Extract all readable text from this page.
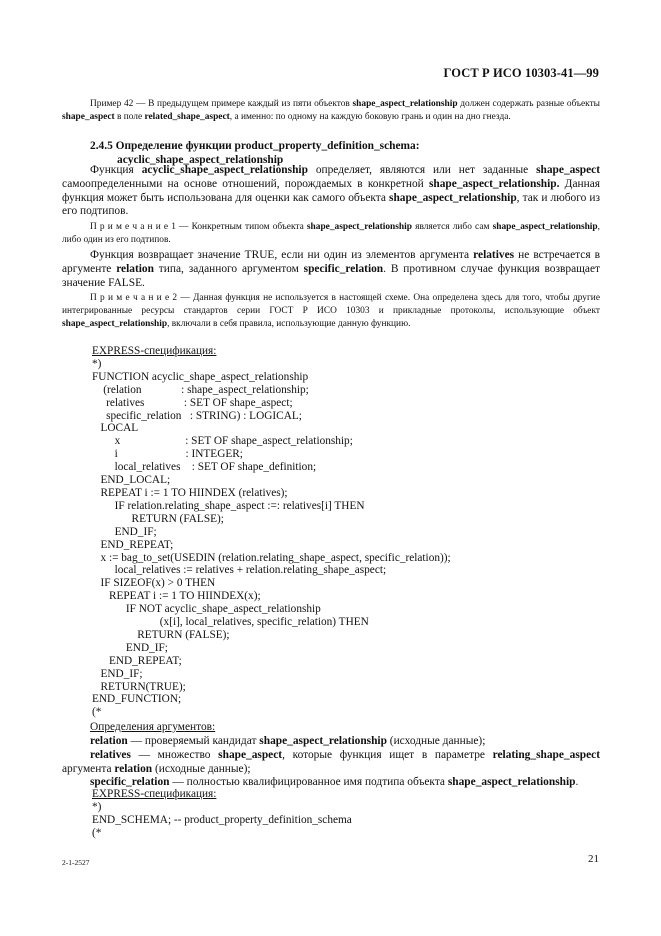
ГОСТ Р ИСО 10303-41—99
Пример 42 — В предыдущем примере каждый из пяти объектов shape_aspect_relationship должен содержать разные объекты shape_aspect в поле related_shape_aspect, а именно: по одному на каждую боковую грань и один на дно гнезда.
2.4.5 Определение функции product_property_definition_schema:
acyclic_shape_aspect_relationship
Функция acyclic_shape_aspect_relationship определяет, являются или нет заданные shape_aspect самоопределенными на основе отношений, порождаемых в конкретной shape_aspect_relationship. Данная функция может быть использована для оценки как самого объекта shape_aspect_relationship, так и любого из его подтипов.
П р и м е ч а н и е 1 — Конкретным типом объекта shape_aspect_relationship является либо сам shape_aspect_relationship, либо один из его подтипов.
Функция возвращает значение TRUE, если ни один из элементов аргумента relatives не встречается в аргументе relation типа, заданного аргументом specific_relation. В противном случае функция возвращает значение FALSE.
П р и м е ч а н и е 2 — Данная функция не используется в настоящей схеме. Она определена здесь для того, чтобы другие интегрированные ресурсы стандартов серии ГОСТ Р ИСО 10303 и прикладные протоколы, использующие объект shape_aspect_relationship, включали в себя правила, использующие данную функцию.
EXPRESS-спецификация:
*)
FUNCTION acyclic_shape_aspect_relationship
(relation              : shape_aspect_relationship;
relatives              : SET OF shape_aspect;
specific_relation   : STRING) : LOGICAL;
LOCAL
x                       : SET OF shape_aspect_relationship;
i                        : INTEGER;
local_relatives    : SET OF shape_definition;
END_LOCAL;
REPEAT i := 1 TO HIINDEX (relatives);
IF relation.relating_shape_aspect :=: relatives[i] THEN
RETURN (FALSE);
END_IF;
END_REPEAT;
x := bag_to_set(USEDIN (relation.relating_shape_aspect, specific_relation));
local_relatives := relatives + relation.relating_shape_aspect;
IF SIZEOF(x) > 0 THEN
REPEAT i := 1 TO HIINDEX(x);
IF NOT acyclic_shape_aspect_relationship
(x[i], local_relatives, specific_relation) THEN
RETURN (FALSE);
END_IF;
END_REPEAT;
END_IF;
RETURN(TRUE);
END_FUNCTION;
(*
Определения аргументов:
relation — проверяемый кандидат shape_aspect_relationship (исходные данные);
relatives — множество shape_aspect, которые функция ищет в параметре relating_shape_aspect аргумента relation (исходные данные);
specific_relation — полностью квалифицированное имя подтипа объекта shape_aspect_relationship.
EXPRESS-спецификация:
*)
END_SCHEMA; -- product_property_definition_schema
(*
2-1-2527	21
